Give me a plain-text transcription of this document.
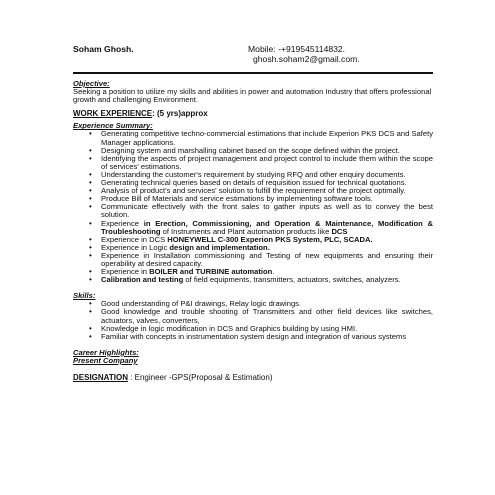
Soham Ghosh.	Mobile: -+919545114832.
ghosh.soham2@gmail.com.

Objective:

Seeking a position to utilize my skills and abilities in power and automation Industry that offers professional growth and challenging Environment.

WORK EXPERIENCE: (5 yrs)approx

Experience Summary:

• Generating competitive techno-commercial estimations that include Experion PKS DCS and Safety Manager applications.
• Designing system and marshalling cabinet based on the scope defined within the project.
• Identifying the aspects of project management and project control to include them within the scope of services' estimations.
• Understanding the customer's requirement by studying RFQ and other enquiry documents.
• Generating technical queries based on details of requisition issued for technical quotations.
• Analysis of product's and services' solution to fulfill the requirement of the project optimally.
• Produce Bill of Materials and service estimations by implementing software tools.
• Communicate effectively with the front sales to gather inputs as well as to convey the best solution.
• Experience in Erection, Commissioning, and Operation & Maintenance, Modification & Troubleshooting of Instruments and Plant automation products like DCS
• Experience in DCS HONEYWELL C-300 Experion PKS System, PLC, SCADA.
• Experience in Logic design and implementation.
• Experience in Installation commissioning and Testing of new equipments and ensuring their operability at desired capacity.
• Experience in BOILER and TURBINE automation.
• Calibration and testing of field equipments, transmitters, actuators, switches, analyzers.

Skills:

• Good understanding of P&I drawings, Relay logic drawings.
• Good knowledge and trouble shooting of Transmitters and other field devices like switches, actuators, valves, converters,
• Knowledge in logic modification in DCS and Graphics building by using HMI.
• Familiar with concepts in instrumentation system design and integration of various systems

Career Highlights:

Present Company

DESIGNATION : Engineer -GPS(Proposal & Estimation)
